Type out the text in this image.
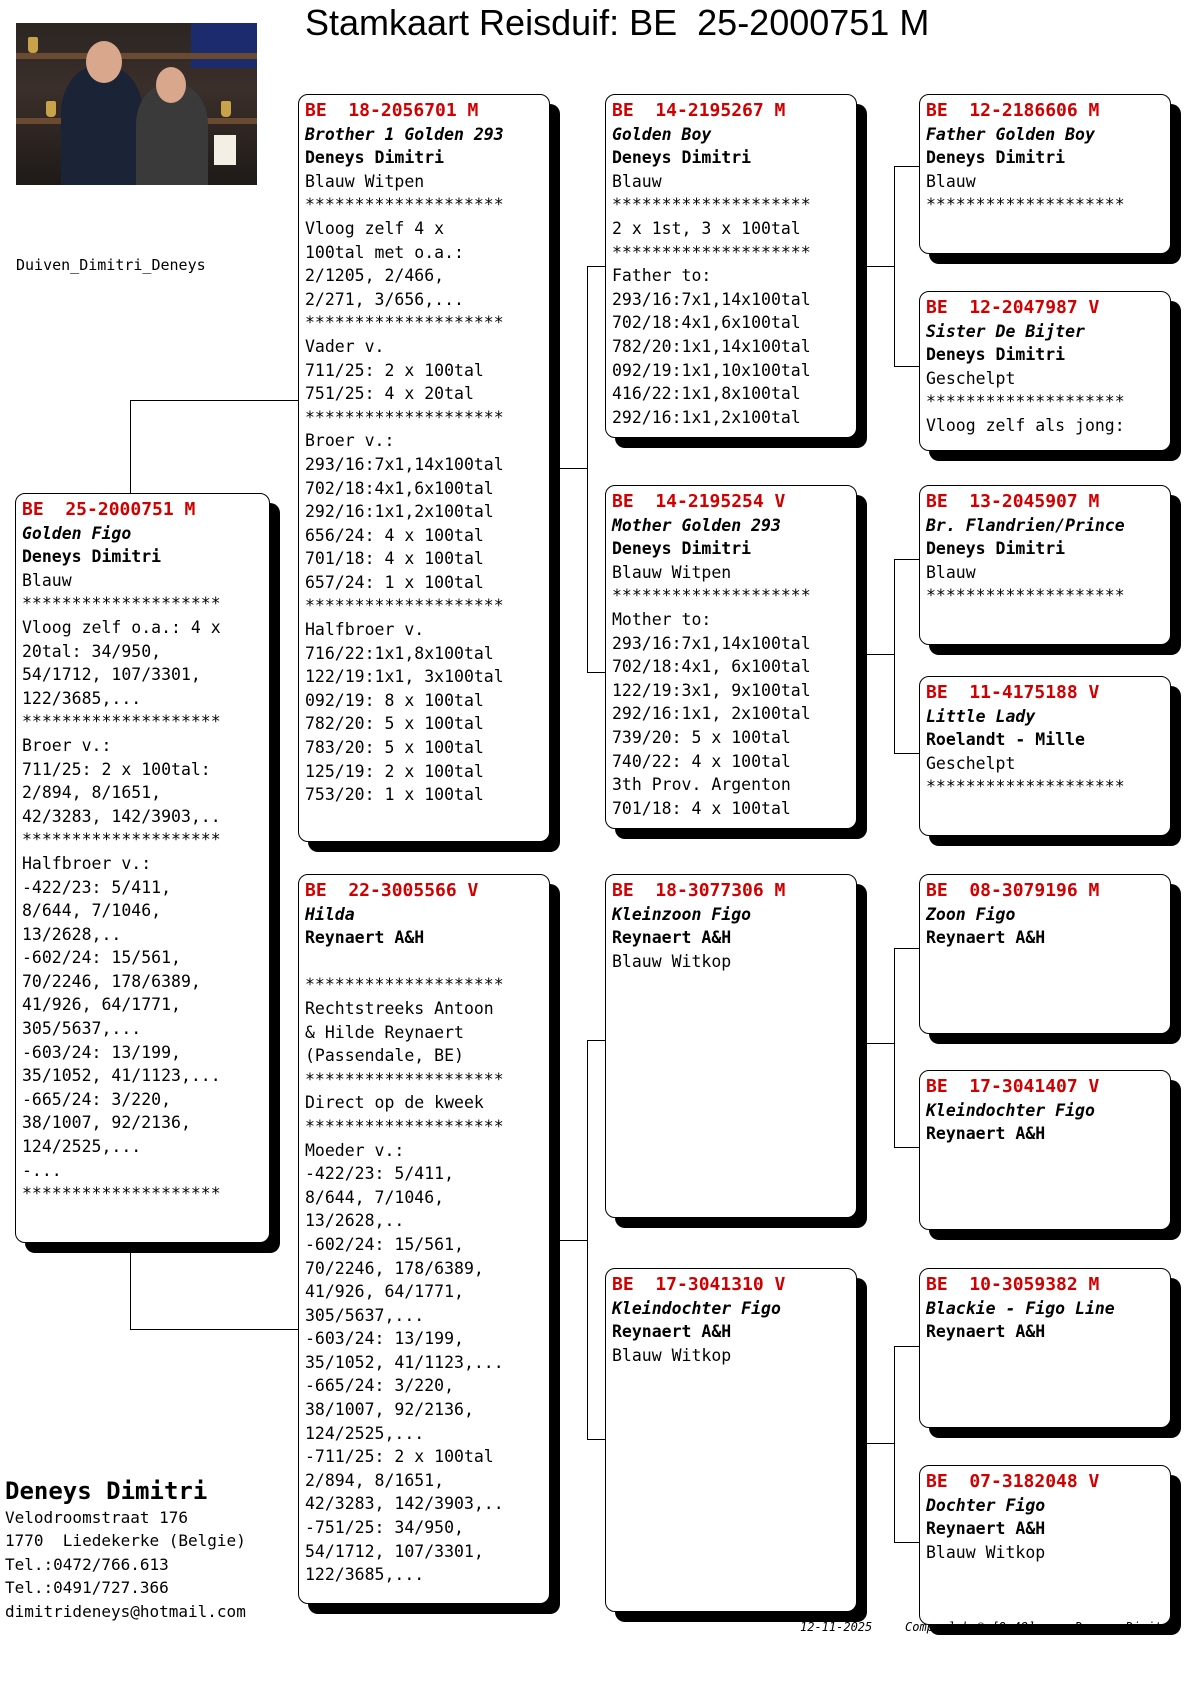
Stamkaart Reisduif: BE  25-2000751 M
Duiven_Dimitri_Deneys
BE  25-2000751 M
Golden Figo
Deneys Dimitri
Blauw
********************
Vloog zelf o.a.: 4 x
20tal: 34/950,
54/1712, 107/3301,
122/3685,...
********************
Broer v.:
711/25: 2 x 100tal:
2/894, 8/1651,
42/3283, 142/3903,..
********************
Halfbroer v.:
-422/23: 5/411,
8/644, 7/1046,
13/2628,..
-602/24: 15/561,
70/2246, 178/6389,
41/926, 64/1771,
305/5637,...
-603/24: 13/199,
35/1052, 41/1123,...
-665/24: 3/220,
38/1007, 92/2136,
124/2525,...
-...
********************
BE  18-2056701 M
Brother 1 Golden 293
Deneys Dimitri
Blauw Witpen
********************
Vloog zelf 4 x
100tal met o.a.:
2/1205, 2/466,
2/271, 3/656,...
********************
Vader v.
711/25: 2 x 100tal
751/25: 4 x 20tal
********************
Broer v.:
293/16:7x1,14x100tal
702/18:4x1,6x100tal
292/16:1x1,2x100tal
656/24: 4 x 100tal
701/18: 4 x 100tal
657/24: 1 x 100tal
********************
Halfbroer v.
716/22:1x1,8x100tal
122/19:1x1, 3x100tal
092/19: 8 x 100tal
782/20: 5 x 100tal
783/20: 5 x 100tal
125/19: 2 x 100tal
753/20: 1 x 100tal
BE  22-3005566 V
Hilda
Reynaert A&H
********************
Rechtstreeks Antoon
& Hilde Reynaert
(Passendale, BE)
********************
Direct op de kweek
********************
Moeder v.:
-422/23: 5/411,
8/644, 7/1046,
13/2628,..
-602/24: 15/561,
70/2246, 178/6389,
41/926, 64/1771,
305/5637,...
-603/24: 13/199,
35/1052, 41/1123,...
-665/24: 3/220,
38/1007, 92/2136,
124/2525,...
-711/25: 2 x 100tal
2/894, 8/1651,
42/3283, 142/3903,..
-751/25: 34/950,
54/1712, 107/3301,
122/3685,...
BE  14-2195267 M
Golden Boy
Deneys Dimitri
Blauw
********************
2 x 1st, 3 x 100tal
********************
Father to:
293/16:7x1,14x100tal
702/18:4x1,6x100tal
782/20:1x1,14x100tal
092/19:1x1,10x100tal
416/22:1x1,8x100tal
292/16:1x1,2x100tal
BE  14-2195254 V
Mother Golden 293
Deneys Dimitri
Blauw Witpen
********************
Mother to:
293/16:7x1,14x100tal
702/18:4x1, 6x100tal
122/19:3x1, 9x100tal
292/16:1x1, 2x100tal
739/20: 5 x 100tal
740/22: 4 x 100tal
3th Prov. Argenton
701/18: 4 x 100tal
BE  18-3077306 M
Kleinzoon Figo
Reynaert A&H
Blauw Witkop
BE  17-3041310 V
Kleindochter Figo
Reynaert A&H
Blauw Witkop
BE  12-2186606 M
Father Golden Boy
Deneys Dimitri
Blauw
********************
BE  12-2047987 V
Sister De Bijter
Deneys Dimitri
Geschelpt
********************
Vloog zelf als jong:
BE  13-2045907 M
Br. Flandrien/Prince
Deneys Dimitri
Blauw
********************
BE  11-4175188 V
Little Lady
Roelandt - Mille
Geschelpt
********************
BE  08-3079196 M
Zoon Figo
Reynaert A&H
BE  17-3041407 V
Kleindochter Figo
Reynaert A&H
BE  10-3059382 M
Blackie - Figo Line
Reynaert A&H
BE  07-3182048 V
Dochter Figo
Reynaert A&H
Blauw Witkop
Deneys Dimitri
Velodroomstraat 176
1770  Liedekerke (Belgie)
Tel.:0472/766.613
Tel.:0491/727.366
dimitrideneys@hotmail.com
12-11-2025	Compuclub © [9.48]	Deneys Dimitri
